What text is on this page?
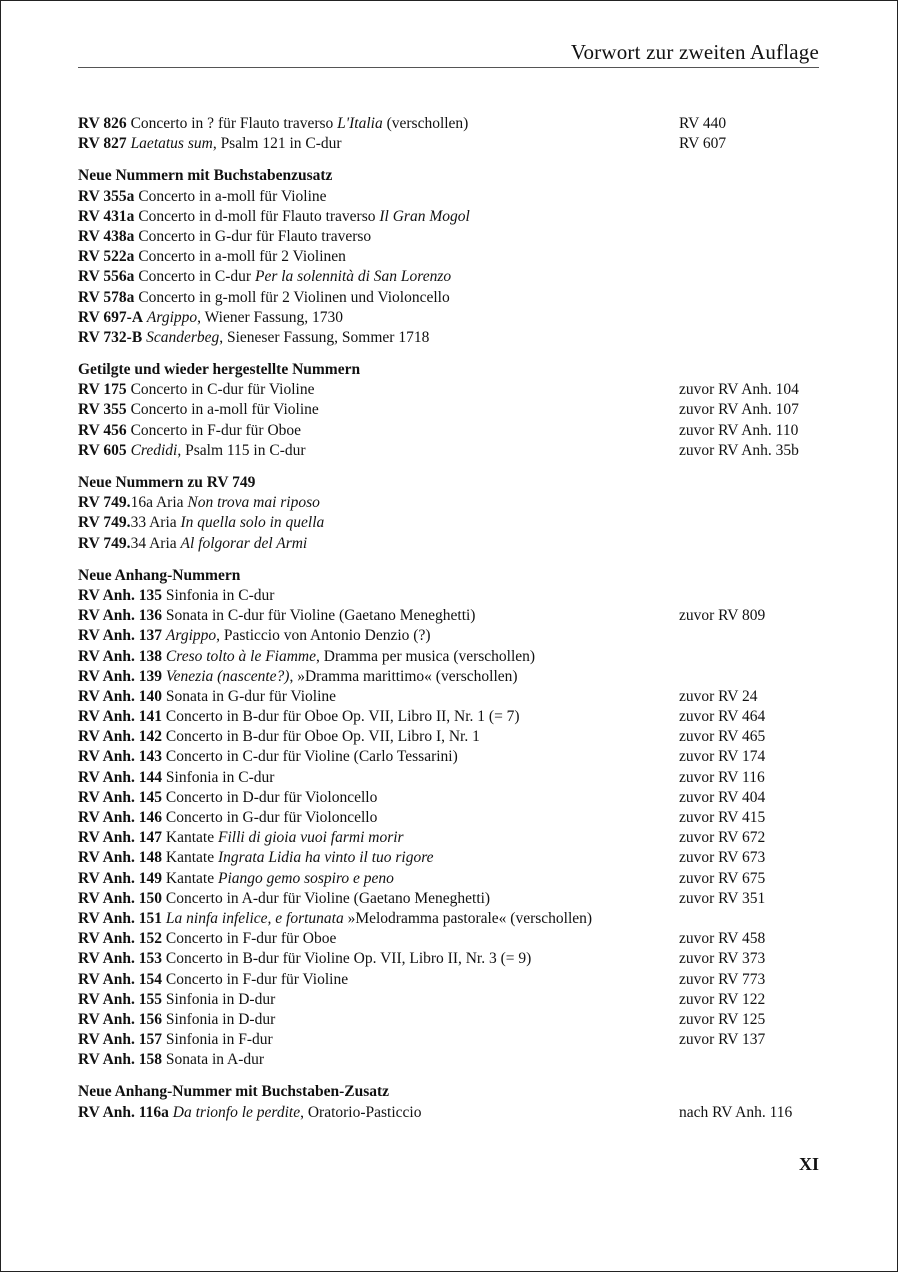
Vorwort zur zweiten Auflage
RV 826 Concerto in ? für Flauto traverso L'Italia (verschollen)	RV 440
RV 827 Laetatus sum, Psalm 121 in C-dur	RV 607
Neue Nummern mit Buchstabenzusatz
RV 355a Concerto in a-moll für Violine
RV 431a Concerto in d-moll für Flauto traverso Il Gran Mogol
RV 438a Concerto in G-dur für Flauto traverso
RV 522a Concerto in a-moll für 2 Violinen
RV 556a Concerto in C-dur Per la solennità di San Lorenzo
RV 578a Concerto in g-moll für 2 Violinen und Violoncello
RV 697-A Argippo, Wiener Fassung, 1730
RV 732-B Scanderbeg, Sieneser Fassung, Sommer 1718
Getilgte und wieder hergestellte Nummern
RV 175 Concerto in C-dur für Violine	zuvor RV Anh. 104
RV 355 Concerto in a-moll für Violine	zuvor RV Anh. 107
RV 456 Concerto in F-dur für Oboe	zuvor RV Anh. 110
RV 605 Credidi, Psalm 115 in C-dur	zuvor RV Anh. 35b
Neue Nummern zu RV 749
RV 749.16a Aria Non trova mai riposo
RV 749.33 Aria In quella solo in quella
RV 749.34 Aria Al folgorar del Armi
Neue Anhang-Nummern
RV Anh. 135 Sinfonia in C-dur
RV Anh. 136 Sonata in C-dur für Violine (Gaetano Meneghetti)	zuvor RV 809
RV Anh. 137 Argippo, Pasticcio von Antonio Denzio (?)
RV Anh. 138 Creso tolto à le Fiamme, Dramma per musica (verschollen)
RV Anh. 139 Venezia (nascente?), »Dramma marittimo« (verschollen)
RV Anh. 140 Sonata in G-dur für Violine	zuvor RV 24
RV Anh. 141 Concerto in B-dur für Oboe Op. VII, Libro II, Nr. 1 (= 7)	zuvor RV 464
RV Anh. 142 Concerto in B-dur für Oboe Op. VII, Libro I, Nr. 1	zuvor RV 465
RV Anh. 143 Concerto in C-dur für Violine (Carlo Tessarini)	zuvor RV 174
RV Anh. 144 Sinfonia in C-dur	zuvor RV 116
RV Anh. 145 Concerto in D-dur für Violoncello	zuvor RV 404
RV Anh. 146 Concerto in G-dur für Violoncello	zuvor RV 415
RV Anh. 147 Kantate Filli di gioia vuoi farmi morir	zuvor RV 672
RV Anh. 148 Kantate Ingrata Lidia ha vinto il tuo rigore	zuvor RV 673
RV Anh. 149 Kantate Piango gemo sospiro e peno	zuvor RV 675
RV Anh. 150 Concerto in A-dur für Violine (Gaetano Meneghetti)	zuvor RV 351
RV Anh. 151 La ninfa infelice, e fortunata »Melodramma pastorale« (verschollen)
RV Anh. 152 Concerto in F-dur für Oboe	zuvor RV 458
RV Anh. 153 Concerto in B-dur für Violine Op. VII, Libro II, Nr. 3 (= 9)	zuvor RV 373
RV Anh. 154 Concerto in F-dur für Violine	zuvor RV 773
RV Anh. 155 Sinfonia in D-dur	zuvor RV 122
RV Anh. 156 Sinfonia in D-dur	zuvor RV 125
RV Anh. 157 Sinfonia in F-dur	zuvor RV 137
RV Anh. 158 Sonata in A-dur
Neue Anhang-Nummer mit Buchstaben-Zusatz
RV Anh. 116a Da trionfo le perdite, Oratorio-Pasticcio	nach RV Anh. 116
XI
